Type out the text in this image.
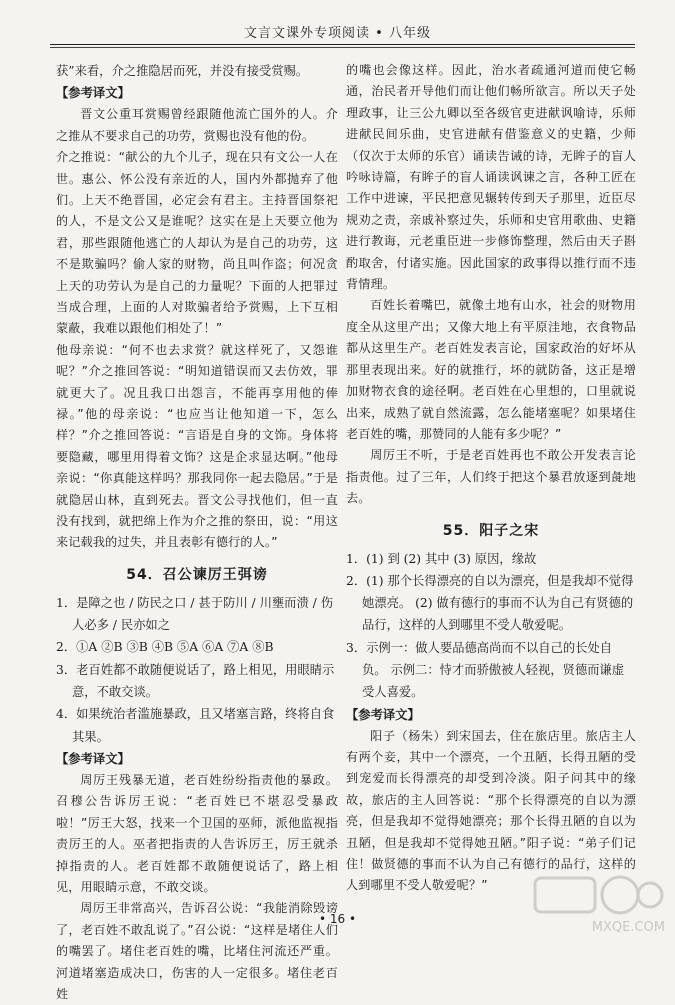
文言文课外专项阅读 • 八年级

获”来看，介之推隐居而死，并没有接受赏赐。

【参考译文】

晋文公重耳赏赐曾经跟随他流亡国外的人。介之推从不要求自己的功劳，赏赐也没有他的份。

介之推说：“献公的九个儿子，现在只有文公一人在世。惠公、怀公没有亲近的人，国内外都抛弃了他们。上天不绝晋国，必定会有君主。主持晋国祭祀的人，不是文公又是谁呢？这实在是上天要立他为君，那些跟随他逃亡的人却认为是自己的功劳，这不是欺骗吗？偷人家的财物，尚且叫作盗；何况贪上天的功劳认为是自己的力量呢？下面的人把罪过当成合理，上面的人对欺骗者给予赏赐，上下互相蒙蔽，我难以跟他们相处了！”

他母亲说：“何不也去求赏？就这样死了，又怨谁呢？”介之推回答说：“明知道错误而又去仿效，罪就更大了。况且我口出怨言，不能再享用他的俸禄。”他的母亲说：“也应当让他知道一下，怎么样？”介之推回答说：“言语是自身的文饰。身体将要隐藏，哪里用得着文饰？这是企求显达啊。”他母亲说：“你真能这样吗？那我同你一起去隐居。”于是就隐居山林，直到死去。晋文公寻找他们，但一直没有找到，就把绵上作为介之推的祭田，说：“用这来记载我的过失，并且表彰有德行的人。”

54．召公谏厉王弭谤

1．是障之也 / 防民之口 / 甚于防川 / 川壅而溃 / 伤人必多 / 民亦如之

2．①A ②B ③B ④B ⑤A ⑥A ⑦A ⑧B

3．老百姓都不敢随便说话了，路上相见，用眼睛示意，不敢交谈。

4．如果统治者滥施暴政，且又堵塞言路，终将自食其果。

【参考译文】

周厉王残暴无道，老百姓纷纷指责他的暴政。召穆公告诉厉王说：“老百姓已不堪忍受暴政啦！”厉王大怒，找来一个卫国的巫师，派他监视指责厉王的人。巫者把指责的人告诉厉王，厉王就杀掉指责的人。老百姓都不敢随便说话了，路上相见，用眼睛示意，不敢交谈。

周厉王非常高兴，告诉召公说：“我能消除毁谤了，老百姓不敢乱说了。”召公说：“这样是堵住人们的嘴罢了。堵住老百姓的嘴，比堵住河流还严重。河道堵塞造成决口，伤害的人一定很多。堵住老百姓

的嘴也会像这样。因此，治水者疏通河道而使它畅通，治民者开导他们而让他们畅所欲言。所以天子处理政事，让三公九卿以至各级官吏进献讽喻诗，乐师进献民间乐曲，史官进献有借鉴意义的史籍，少师（仅次于太师的乐官）诵读告诫的诗，无眸子的盲人吟咏诗篇，有眸子的盲人诵读讽谏之言，各种工匠在工作中进谏，平民把意见辗转传到天子那里，近臣尽规劝之责，亲戚补察过失，乐师和史官用歌曲、史籍进行教诲，元老重臣进一步修饰整理，然后由天子斟酌取舍，付诸实施。因此国家的政事得以推行而不违背情理。

百姓长着嘴巴，就像土地有山水，社会的财物用度全从这里产出；又像大地上有平原洼地，衣食物品都从这里生产。老百姓发表言论，国家政治的好坏从那里表现出来。好的就推行，坏的就防备，这正是增加财物衣食的途径啊。老百姓在心里想的，口里就说出来，成熟了就自然流露，怎么能堵塞呢？如果堵住老百姓的嘴，那赞同的人能有多少呢？”

周厉王不听，于是老百姓再也不敢公开发表言论指责他。过了三年，人们终于把这个暴君放逐到彘地去。

55．阳子之宋

1．(1) 到 (2) 其中 (3) 原因，缘故

2．(1) 那个长得漂亮的自以为漂亮，但是我却不觉得她漂亮。 (2) 做有德行的事而不认为自己有贤德的品行，这样的人到哪里不受人敬爱呢。

3．示例一：做人要品德高尚而不以自己的长处自负。 示例二：恃才而骄傲被人轻视，贤德而谦虚受人喜爱。

【参考译文】

阳子（杨朱）到宋国去，住在旅店里。旅店主人有两个妾，其中一个漂亮，一个丑陋，长得丑陋的受到宠爱而长得漂亮的却受到冷淡。阳子问其中的缘故，旅店的主人回答说：“那个长得漂亮的自以为漂亮，但是我却不觉得她漂亮；那个长得丑陋的自以为丑陋，但是我却不觉得她丑陋。”阳子说：“弟子们记住！做贤德的事而不认为自己有德行的品行，这样的人到哪里不受人敬爱呢？”

• 16 •
MXQE.COM
